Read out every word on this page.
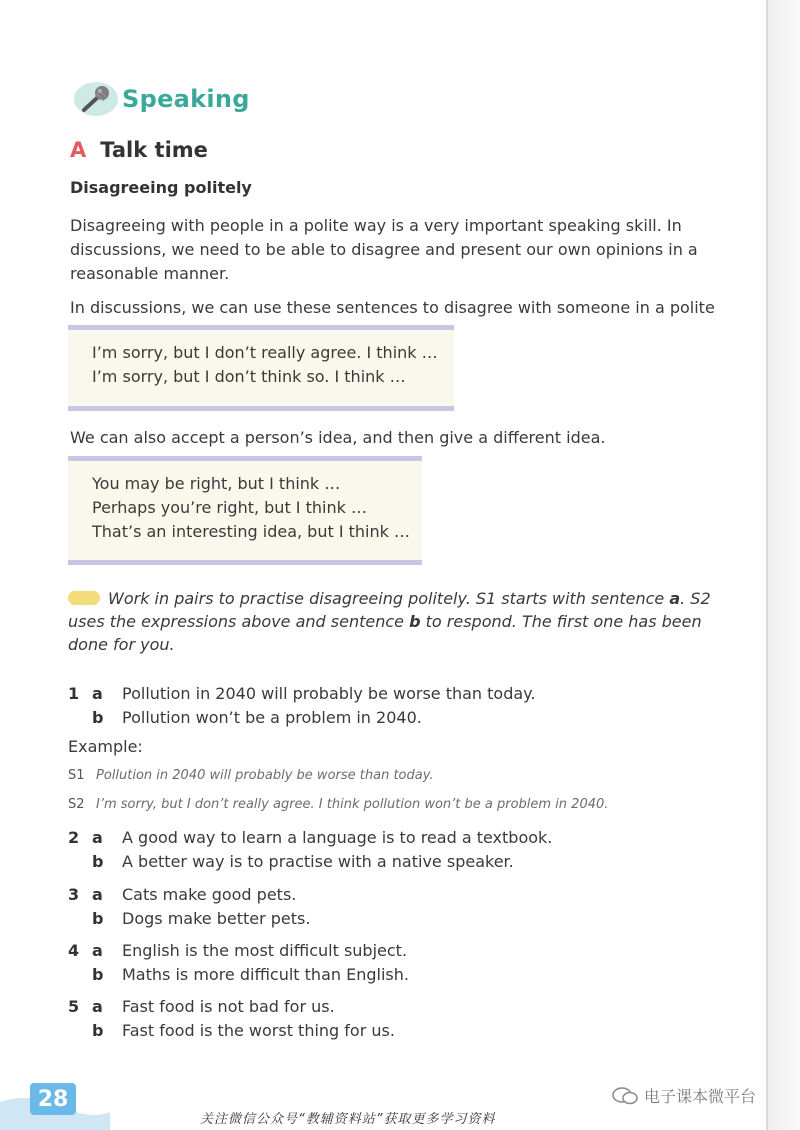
Speaking
A Talk time
Disagreeing politely
Disagreeing with people in a polite way is a very important speaking skill. In discussions, we need to be able to disagree and present our own opinions in a reasonable manner.
In discussions, we can use these sentences to disagree with someone in a polite
I’m sorry, but I don’t really agree. I think …
I’m sorry, but I don’t think so. I think …
We can also accept a person’s idea, and then give a different idea.
You may be right, but I think …
Perhaps you’re right, but I think …
That’s an interesting idea, but I think …
Work in pairs to practise disagreeing politely. S1 starts with sentence a. S2 uses the expressions above and sentence b to respond. The first one has been done for you.
1 a Pollution in 2040 will probably be worse than today.
b Pollution won’t be a problem in 2040.
Example:
S1 Pollution in 2040 will probably be worse than today.
S2 I’m sorry, but I don’t really agree. I think pollution won’t be a problem in 2040.
2 a A good way to learn a language is to read a textbook.
b A better way is to practise with a native speaker.
3 a Cats make good pets.
b Dogs make better pets.
4 a English is the most difficult subject.
b Maths is more difficult than English.
5 a Fast food is not bad for us.
b Fast food is the worst thing for us.
28	电子课本微平台
关注微信公众号“教辅资料站”获取更多学习资料
